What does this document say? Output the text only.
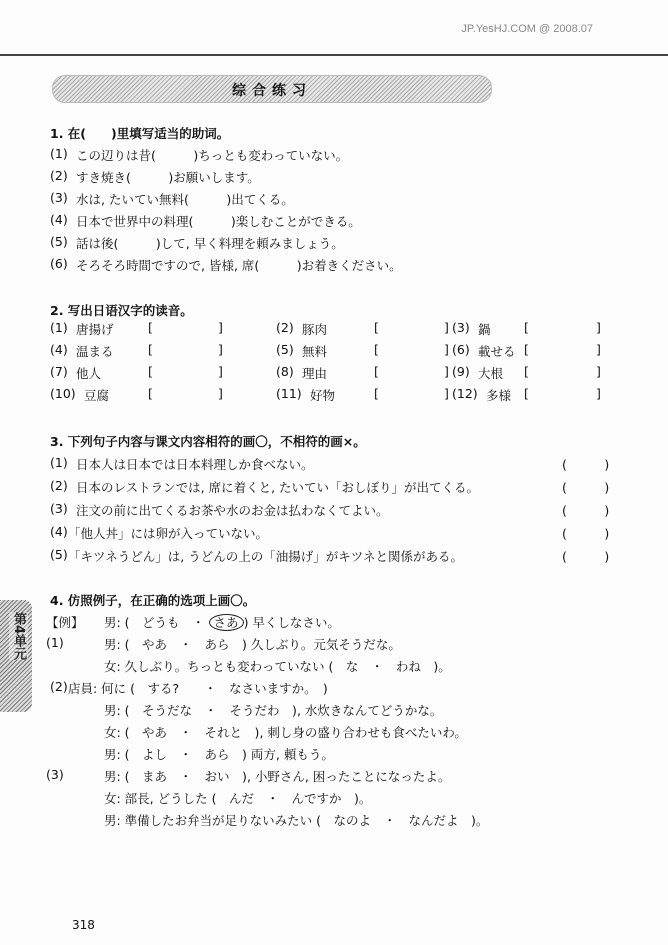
JP.YesHJ.COM @ 2008.07
综合练习
第4单元
1. 在(　　)里填写适当的助词。
(1) この辺りは昔(　　　)ちっとも変わっていない。
(2) すき焼き(　　　)お願いします。
(3) 水は, たいてい無料(　　　)出てくる。
(4) 日本で世界中の料理(　　　)楽しむことができる。
(5) 話は後(　　　)して, 早く料理を頼みましょう。
(6) そろそろ時間ですので, 皆様, 席(　　　)お着きください。
2. 写出日语汉字的读音。
(1) 唐揚げ	[	]	(2) 豚肉	[	] (3) 鍋	[	]
(4) 温まる	[	]	(5) 無料	[	] (6) 載せる [	]
(7) 他人	[	]	(8) 理由	[	] (9) 大根 [	]
(10) 豆腐	[	]	(11) 好物	[	] (12) 多様 [	]
3. 下列句子内容与课文内容相符的画〇，不相符的画×。
(1) 日本人は日本では日本料理しか食べない。	(　　　)
(2) 日本のレストランでは, 席に着くと, たいてい「おしぼり」が出てくる。	(　　　)
(3) 注文の前に出てくるお茶や水のお金は払わなくてよい。	(　　　)
(4) 「他人丼」には卵が入っていない。	(　　　)
(5) 「キツネうどん」は, うどんの上の「油揚げ」がキツネと関係がある。	(　　　)
4. 仿照例子，在正确的选项上画〇。
【例】 男: (　どうも　・ さあ ) 早くしなさい。
(1)	男: (　やあ　・　あら　) 久しぶり。元気そうだな。
女: 久しぶり。ちっとも変わっていない (　な　・　わね　)。
(2) 店員: 何に (　する?　　・　なさいますか。　)
男: (　そうだな　・　そうだわ　), 水炊きなんてどうかな。
女: (　やあ　・　それと　), 刺し身の盛り合わせも食べたいわ。
男: (　よし　・　あら　) 両方, 頼もう。
(3)	男: (　まあ　・　おい　), 小野さん, 困ったことになったよ。
女: 部長, どうした (　んだ　・　んですか　)。
男: 準備したお弁当が足りないみたい (　なのよ　・　なんだよ　)。
318
